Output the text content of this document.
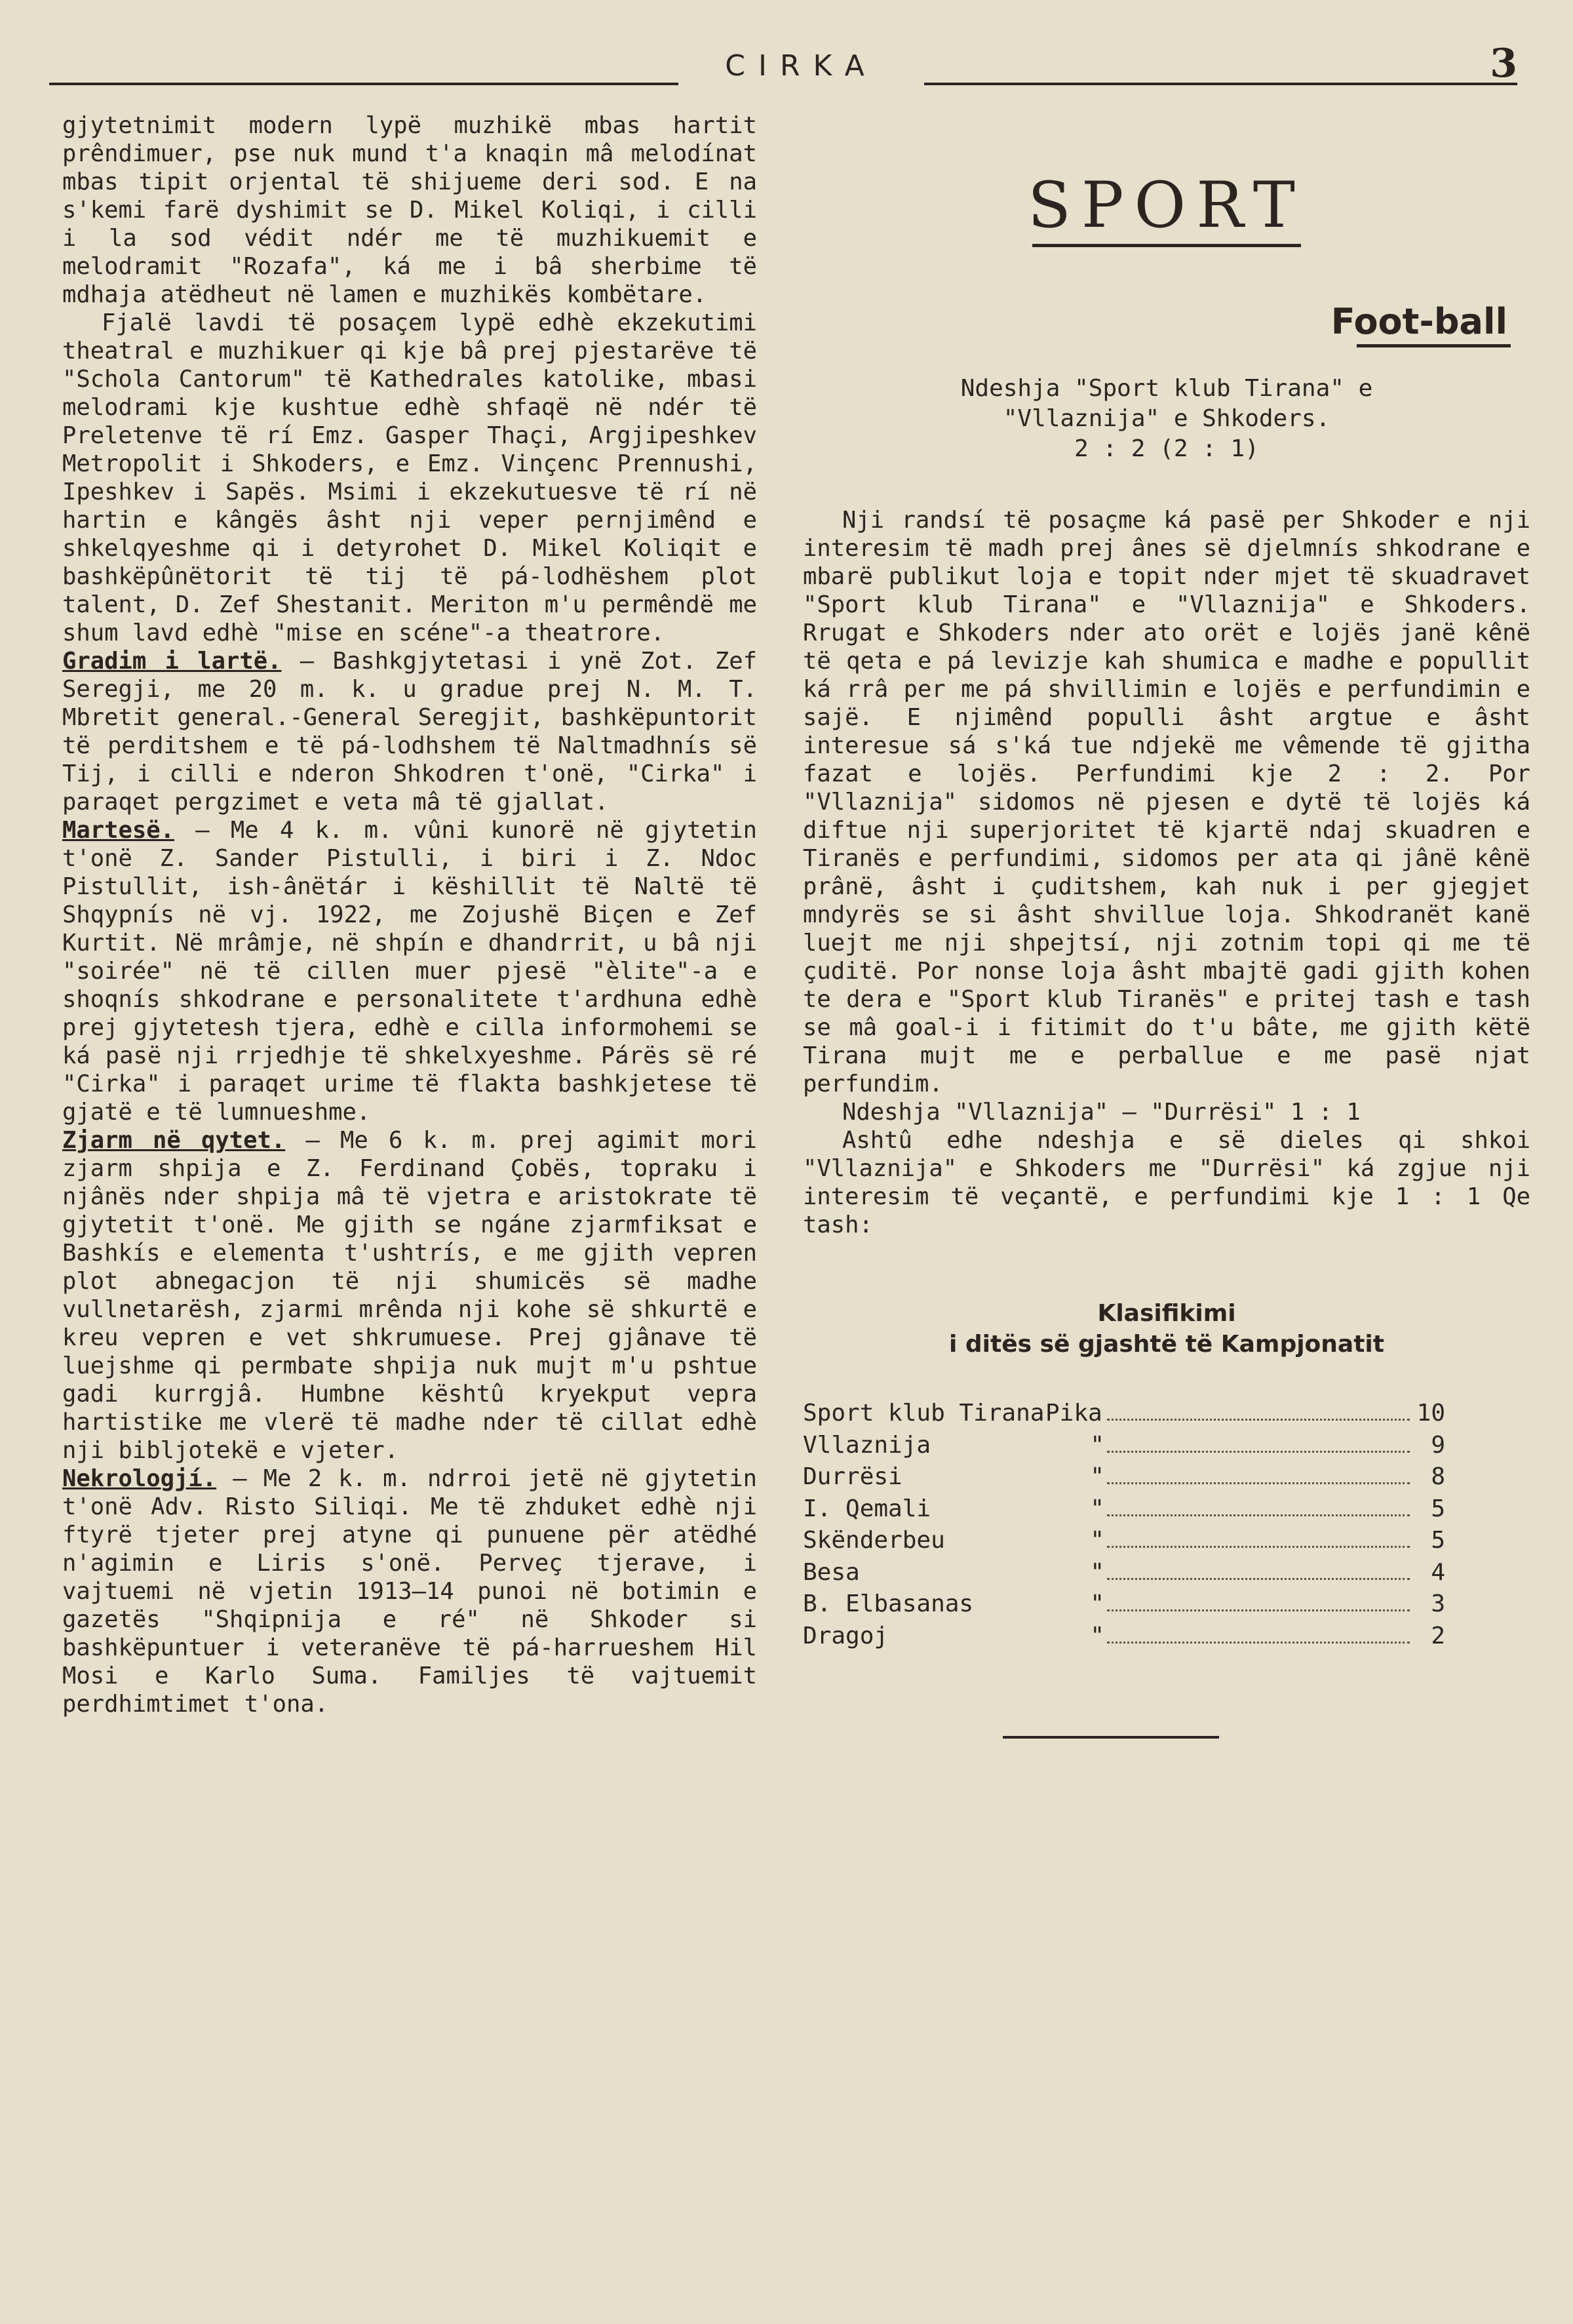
CIRKA	3

gjytetnimit modern lypë muzhikë mbas hartit prêndimuer, pse nuk mund t'a knaqin mâ melodínat mbas tipit orjental të shijueme deri sod. E na s'kemi farë dyshimit se D. Mikel Koliqi, i cilli i la sod védit ndér me të muzhikuemit e melodramit "Rozafa", ká me i bâ sherbime të mdhaja atëdheut në lamen e muzhikës kombëtare.

Fjalë lavdi të posaçem lypë edhè ekzekutimi theatral e muzhikuer qi kje bâ prej pjestarëve të "Schola Cantorum" të Kathedrales katolike, mbasi melodrami kje kushtue edhè shfaqë në ndér të Preletenve të rí Emz. Gasper Thaçi, Argjipeshkev Metropolit i Shkoders, e Emz. Vinçenc Prennushi, Ipeshkev i Sapës. Msimi i ekzekutuesve të rí në hartin e kângës âsht nji veper pernjimênd e shkelqyeshme qi i detyrohet D. Mikel Koliqit e bashkëpûnëtorit të tij të pá-lodhëshem plot talent, D. Zef Shestanit. Meriton m'u permêndë me shum lavd edhè "mise en scéne"-a theatrore.

Gradim i lartë. – Bashkgjytetasi i ynë Zot. Zef Seregji, me 20 m. k. u gradue prej N. M. T. Mbretit general.-General Seregjit, bashkëpuntorit të perditshem e të pá-lodhshem të Naltmadhnís së Tij, i cilli e nderon Shkodren t'onë, "Cirka" i paraqet pergzimet e veta mâ të gjallat.

Martesë. – Me 4 k. m. vûni kunorë në gjytetin t'onë Z. Sander Pistulli, i biri i Z. Ndoc Pistullit, ish-ânëtár i këshillit të Naltë të Shqypnís në vj. 1922, me Zojushë Biçen e Zef Kurtit. Në mrâmje, në shpín e dhandrrit, u bâ nji "soirée" në të cillen muer pjesë "èlite"-a e shoqnís shkodrane e personalitete t'ardhuna edhè prej gjytetesh tjera, edhè e cilla informohemi se ká pasë nji rrjedhje të shkelxyeshme. Párës së ré "Cirka" i paraqet urime të flakta bashkjetese të gjatë e të lumnueshme.

Zjarm në qytet. – Me 6 k. m. prej agimit mori zjarm shpija e Z. Ferdinand Çobës, topraku i njânës nder shpija mâ të vjetra e aristokrate të gjytetit t'onë. Me gjith se ngáne zjarmfiksat e Bashkís e elementa t'ushtrís, e me gjith vepren plot abnegacjon të nji shumicës së madhe vullnetarësh, zjarmi mrênda nji kohe së shkurtë e kreu vepren e vet shkrumuese. Prej gjânave të luejshme qi permbate shpija nuk mujt m'u pshtue gadi kurrgjâ. Humbne kështû kryekput vepra hartistike me vlerë të madhe nder të cillat edhè nji bibljotekë e vjeter.

Nekrologjí. – Me 2 k. m. ndrroi jetë në gjytetin t'onë Adv. Risto Siliqi. Me të zhduket edhè nji ftyrë tjeter prej atyne qi punuene për atëdhé n'agimin e Liris s'onë. Perveç tjerave, i vajtuemi në vjetin 1913–14 punoi në botimin e gazetës "Shqipnija e ré" në Shkoder si bashkëpuntuer i veteranëve të pá-harrueshem Hil Mosi e Karlo Suma. Familjes të vajtuemit perdhimtimet t'ona.

SPORT
Foot-ball
Ndeshja "Sport klub Tirana" e
"Vllaznija" e Shkoders.
2 : 2 (2 : 1)

Nji randsí të posaçme ká pasë per Shkoder e nji interesim të madh prej ânes së djelmnís shkodrane e mbarë publikut loja e topit nder mjet të skuadravet "Sport klub Tirana" e "Vllaznija" e Shkoders. Rrugat e Shkoders nder ato orët e lojës janë kênë të qeta e pá levizje kah shumica e madhe e popullit ká rrâ per me pá shvillimin e lojës e perfundimin e sajë. E njimênd populli âsht argtue e âsht interesue sá s'ká tue ndjekë me vêmende të gjitha fazat e lojës. Perfundimi kje 2 : 2. Por "Vllaznija" sidomos në pjesen e dytë të lojës ká diftue nji superjoritet të kjartë ndaj skuadren e Tiranës e perfundimi, sidomos per ata qi jânë kênë prânë, âsht i çuditshem, kah nuk i per gjegjet mndyrës se si âsht shvillue loja. Shkodranët kanë luejt me nji shpejtsí, nji zotnim topi qi me të çuditë. Por nonse loja âsht mbajtë gadi gjith kohen te dera e "Sport klub Tiranës" e pritej tash e tash se mâ goal-i i fitimit do t'u bâte, me gjith këtë Tirana mujt me e perballue e me pasë njat perfundim.

Ndeshja "Vllaznija" – "Durrësi" 1 : 1

Ashtû edhe ndeshja e së dieles qi shkoi "Vllaznija" e Shkoders me "Durrësi" ká zgjue nji interesim të veçantë, e perfundimi kje 1 : 1 Qe tash:

Klasifikimi
i ditës së gjashtë të Kampjonatit
Sport klub Tirana Pika	10
Vllaznija	"	9
Durrësi	"	8
I. Qemali	"	5
Skënderbeu	"	5
Besa	"	4
B. Elbasanas	"	3
Dragoj	"	2
